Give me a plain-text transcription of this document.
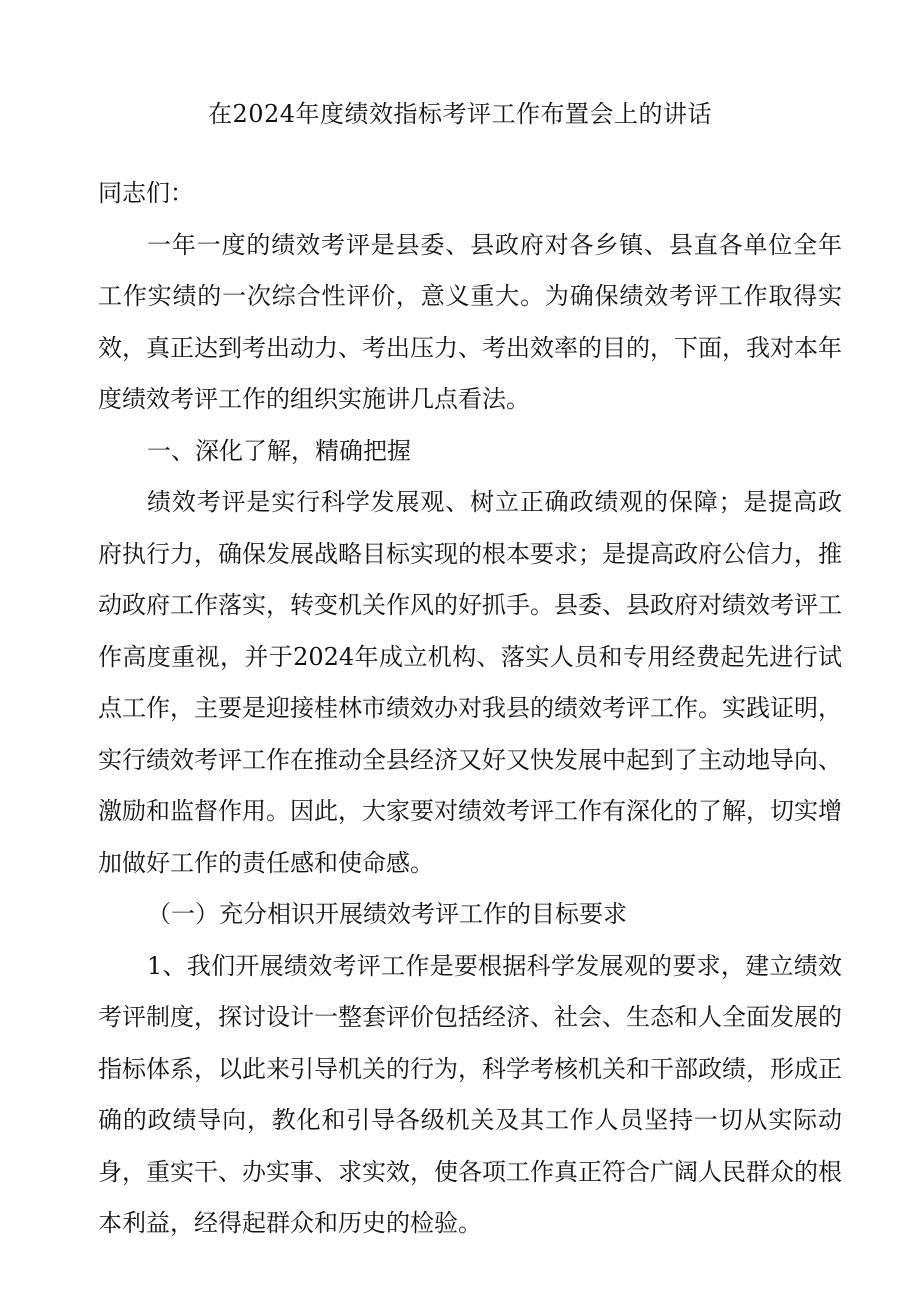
在2024年度绩效指标考评工作布置会上的讲话

同志们：

一年一度的绩效考评是县委、县政府对各乡镇、县直各单位全年工作实绩的一次综合性评价，意义重大。为确保绩效考评工作取得实效，真正达到考出动力、考出压力、考出效率的目的，下面，我对本年度绩效考评工作的组织实施讲几点看法。

一、深化了解，精确把握

绩效考评是实行科学发展观、树立正确政绩观的保障；是提高政府执行力，确保发展战略目标实现的根本要求；是提高政府公信力，推动政府工作落实，转变机关作风的好抓手。县委、县政府对绩效考评工作高度重视，并于2024年成立机构、落实人员和专用经费起先进行试点工作，主要是迎接桂林市绩效办对我县的绩效考评工作。实践证明，实行绩效考评工作在推动全县经济又好又快发展中起到了主动地导向、激励和监督作用。因此，大家要对绩效考评工作有深化的了解，切实增加做好工作的责任感和使命感。

（一）充分相识开展绩效考评工作的目标要求

1、我们开展绩效考评工作是要根据科学发展观的要求，建立绩效考评制度，探讨设计一整套评价包括经济、社会、生态和人全面发展的指标体系，以此来引导机关的行为，科学考核机关和干部政绩，形成正确的政绩导向，教化和引导各级机关及其工作人员坚持一切从实际动身，重实干、办实事、求实效，使各项工作真正符合广阔人民群众的根本利益，经得起群众和历史的检验。
